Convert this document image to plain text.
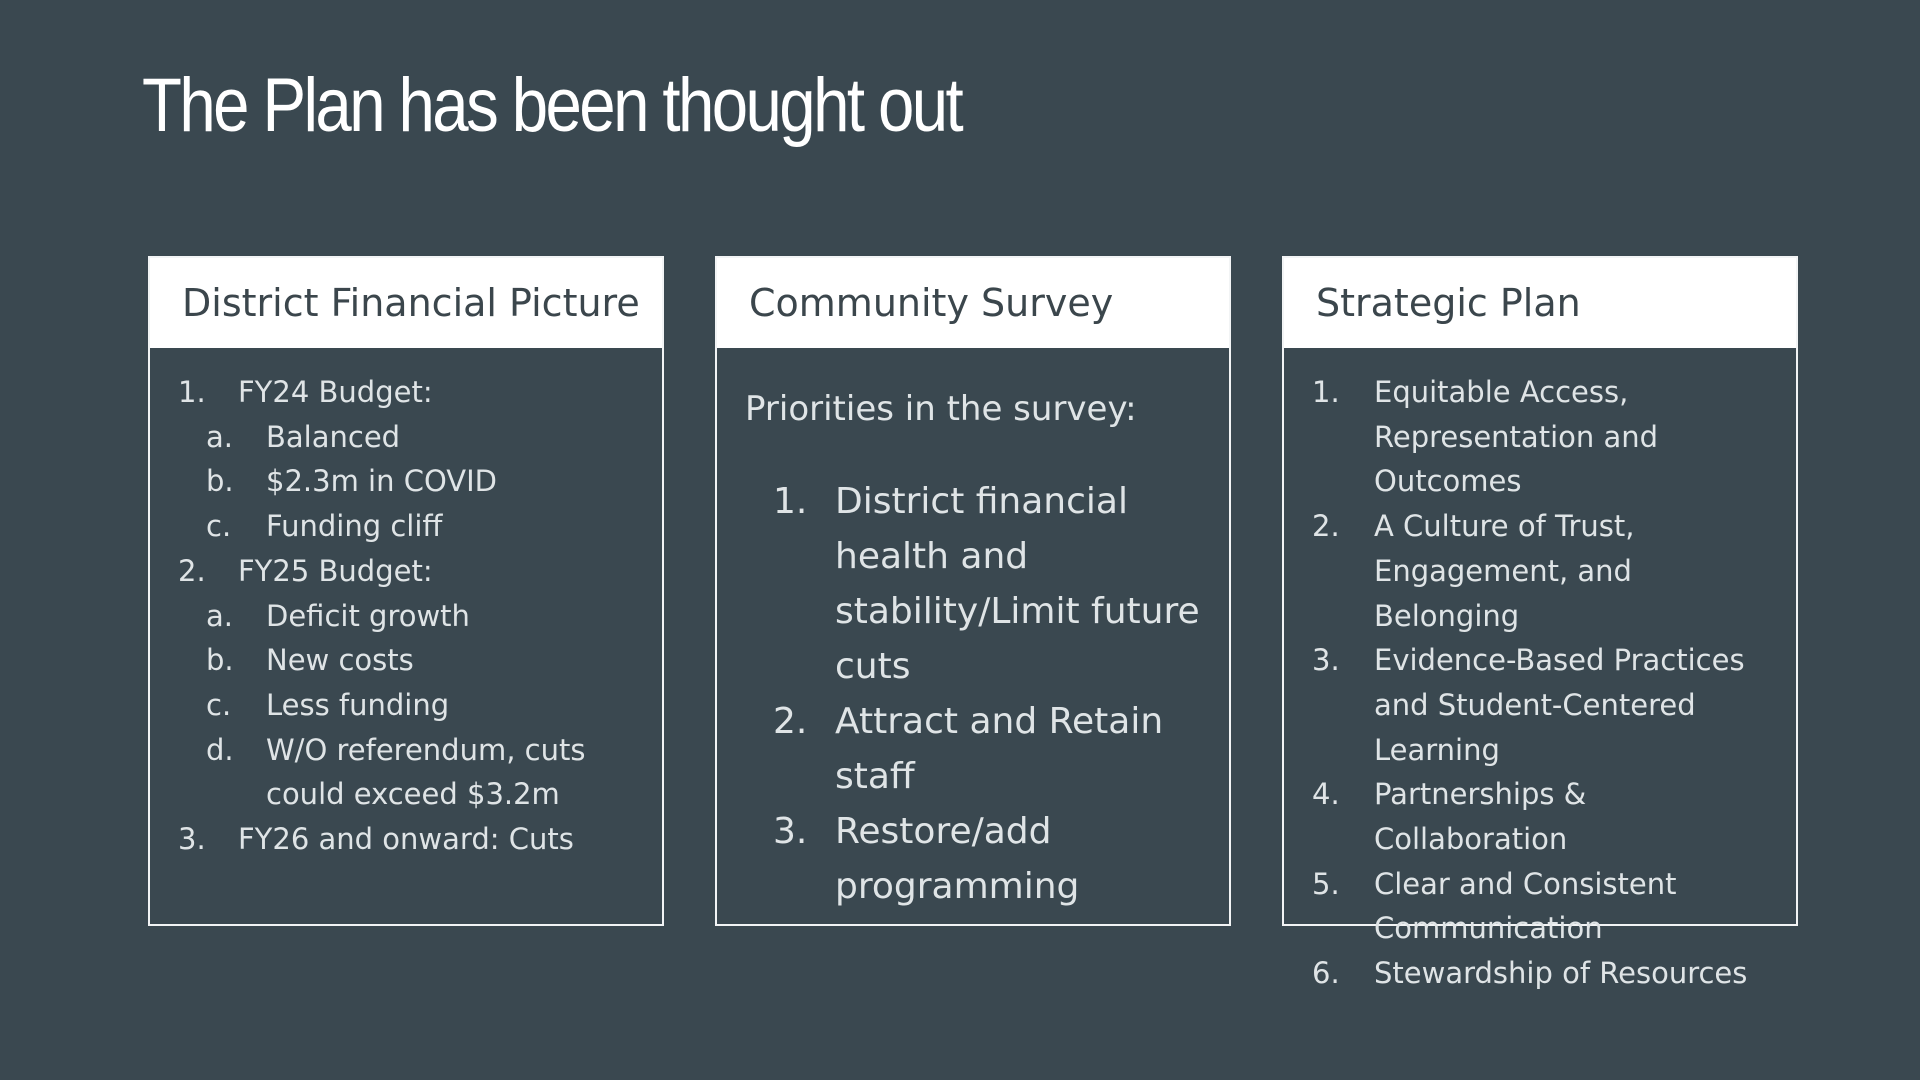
The Plan has been thought out
District Financial Picture
1. FY24 Budget:
a. Balanced
b. $2.3m in COVID
c. Funding cliff
2. FY25 Budget:
a. Deficit growth
b. New costs
c. Less funding
d. W/O referendum, cuts could exceed $3.2m
3. FY26 and onward: Cuts
Community Survey

Priorities in the survey:

1. District financial health and stability/Limit future cuts
2. Attract and Retain staff
3. Restore/add programming
Strategic Plan
1. Equitable Access, Representation and Outcomes
2. A Culture of Trust, Engagement, and Belonging
3. Evidence-Based Practices and Student-Centered Learning
4. Partnerships & Collaboration
5. Clear and Consistent Communication
6. Stewardship of Resources
